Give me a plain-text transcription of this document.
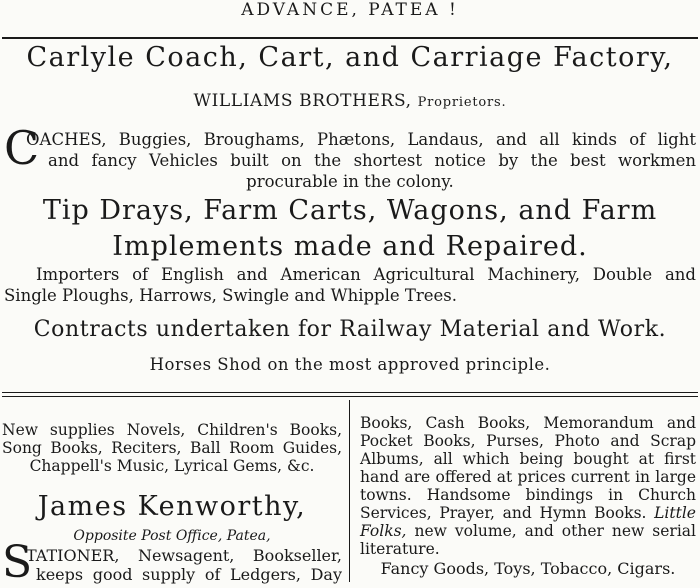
ADVANCE, PATEA !
Carlyle Coach, Cart, and Carriage Factory,
WILLIAMS BROTHERS, Proprietors.
C

OACHES, Buggies, Broughams, Phætons, Landaus, and all kinds of light

and fancy Vehicles built on the shortest notice by the best workmen

procurable in the colony.

Tip Drays, Farm Carts, Wagons, and Farm
Implements made and Repaired.

Importers of English and American Agricultural Machinery, Double and

Single Ploughs, Harrows, Swingle and Whipple Trees.

Contracts undertaken for Railway Material and Work.
Horses Shod on the most approved principle.

New supplies Novels, Children's Books,

Song Books, Reciters, Ball Room Guides,

Chappell's Music, Lyrical Gems, &c.

James Kenworthy,
Opposite Post Office, Patea,
S

TATIONER, Newsagent, Bookseller,

keeps good supply of Ledgers, Day

Books, Cash Books, Memorandum and

Pocket Books, Purses, Photo and Scrap

Albums, all which being bought at first

hand are offered at prices current in large

towns. Handsome bindings in Church

Services, Prayer, and Hymn Books. Little

Folks, new volume, and other new serial

literature.

Fancy Goods, Toys, Tobacco, Cigars.
